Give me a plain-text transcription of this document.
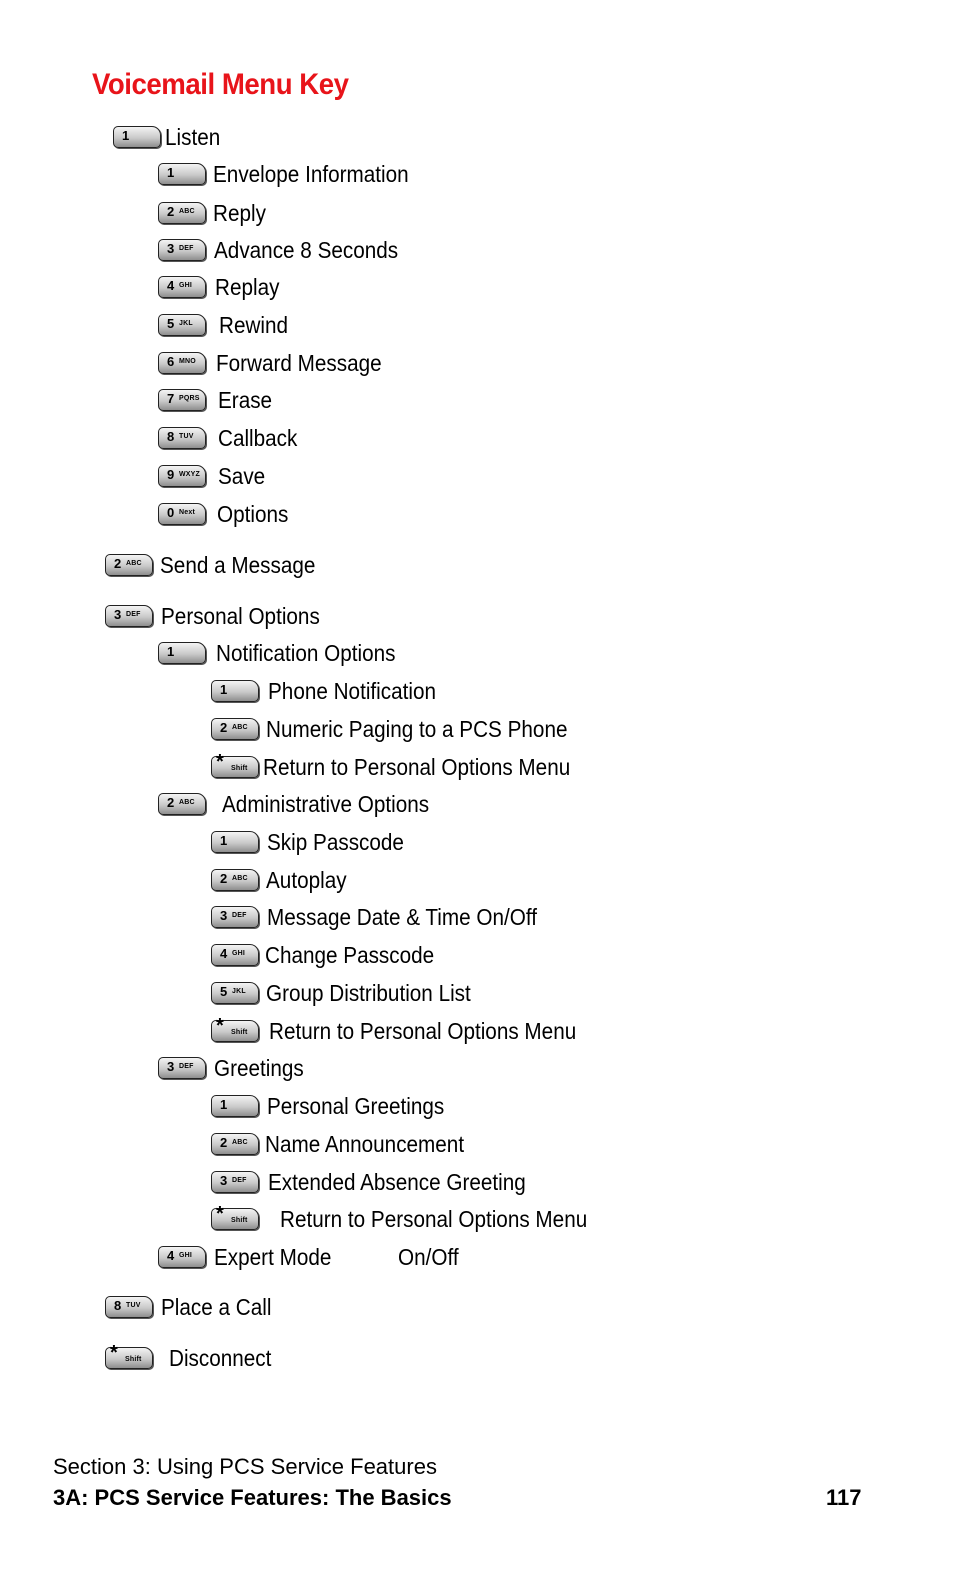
Voicemail Menu Key
1 Listen
1 Envelope Information
2 ABC Reply
3 DEF Advance 8 Seconds
4 GHI Replay
5 JKL Rewind
6 MNO Forward Message
7 PQRS Erase
8 TUV Callback
9 WXYZ Save
0 Next Options
2 ABC Send a Message
3 DEF Personal Options
1 Notification Options
1 Phone Notification
2 ABC Numeric Paging to a PCS Phone
* Shift Return to Personal Options Menu
2 ABC Administrative Options
1 Skip Passcode
2 ABC Autoplay
3 DEF Message Date & Time On/Off
4 GHI Change Passcode
5 JKL Group Distribution List
* Shift Return to Personal Options Menu
3 DEF Greetings
1 Personal Greetings
2 ABC Name Announcement
3 DEF Extended Absence Greeting
* Shift Return to Personal Options Menu
4 GHI Expert Mode	On/Off
8 TUV Place a Call
* Shift Disconnect
Section 3: Using PCS Service Features
3A: PCS Service Features: The Basics	117
